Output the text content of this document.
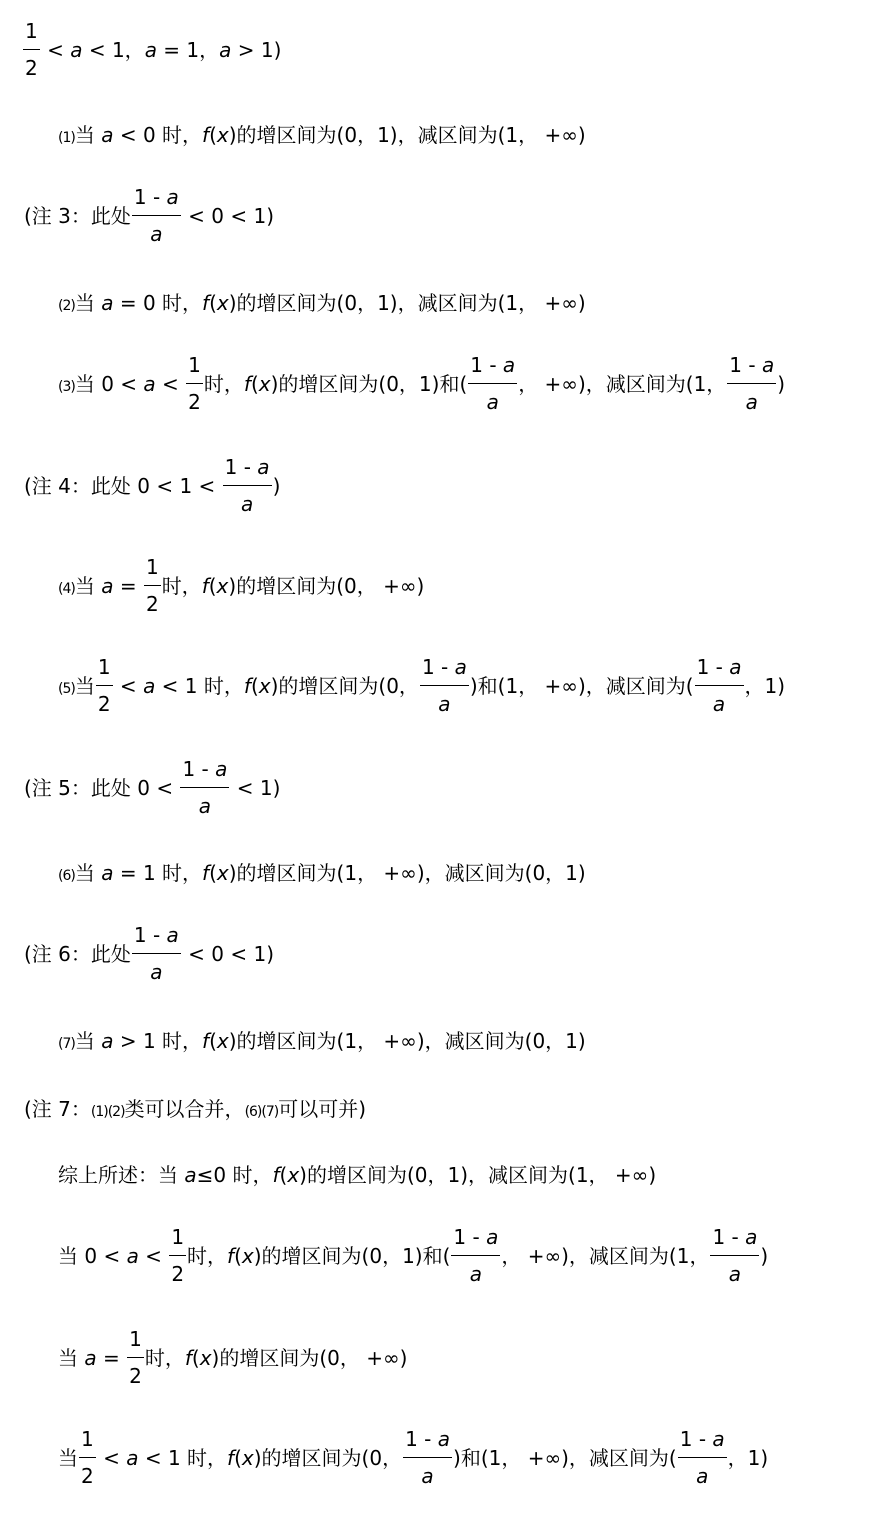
$\frac{1}{2} < a < 1$，a = 1，a > 1)
(1)当 a < 0 时，f(x)的增区间为(0，1)，减区间为(1， +∞)
(注 3：此处 $\frac{1 - a}{a} < 0 < 1$)
(2)当 a = 0 时，f(x)的增区间为(0，1)，减区间为(1， +∞)
(3)当 $0 < a < \frac{1}{2}$ 时，f(x)的增区间为(0，1)和( $\frac{1 - a}{a}$ ， +∞)，减区间为(1， $\frac{1 - a}{a}$ )
(注 4：此处 $0 < 1 < \frac{1 - a}{a}$ )
(4)当 $a = \frac{1}{2}$ 时，f(x)的增区间为(0， +∞)
(5)当 $\frac{1}{2} < a < 1$ 时，f(x)的增区间为(0， $\frac{1 - a}{a}$ )和(1， +∞)，减区间为( $\frac{1 - a}{a}$ ，1)
(注 5：此处 $0 < \frac{1 - a}{a} < 1$)
(6)当 a = 1 时，f(x)的增区间为(1， +∞)，减区间为(0，1)
(注 6：此处 $\frac{1 - a}{a} < 0 < 1$)
(7)当 a > 1 时，f(x)的增区间为(1， +∞)，减区间为(0，1)
(注 7：(1)(2)类可以合并，(6)(7)可以可并)
综上所述：当 a≤0 时，f(x)的增区间为(0，1)，减区间为(1， +∞)
当 $0 < a < \frac{1}{2}$ 时，f(x)的增区间为(0，1)和( $\frac{1 - a}{a}$ ， +∞)，减区间为(1， $\frac{1 - a}{a}$ )
当 $a = \frac{1}{2}$ 时，f(x)的增区间为(0， +∞)
当 $\frac{1}{2} < a < 1$ 时，f(x)的增区间为(0， $\frac{1 - a}{a}$ )和(1， +∞)，减区间为( $\frac{1 - a}{a}$ ，1)
